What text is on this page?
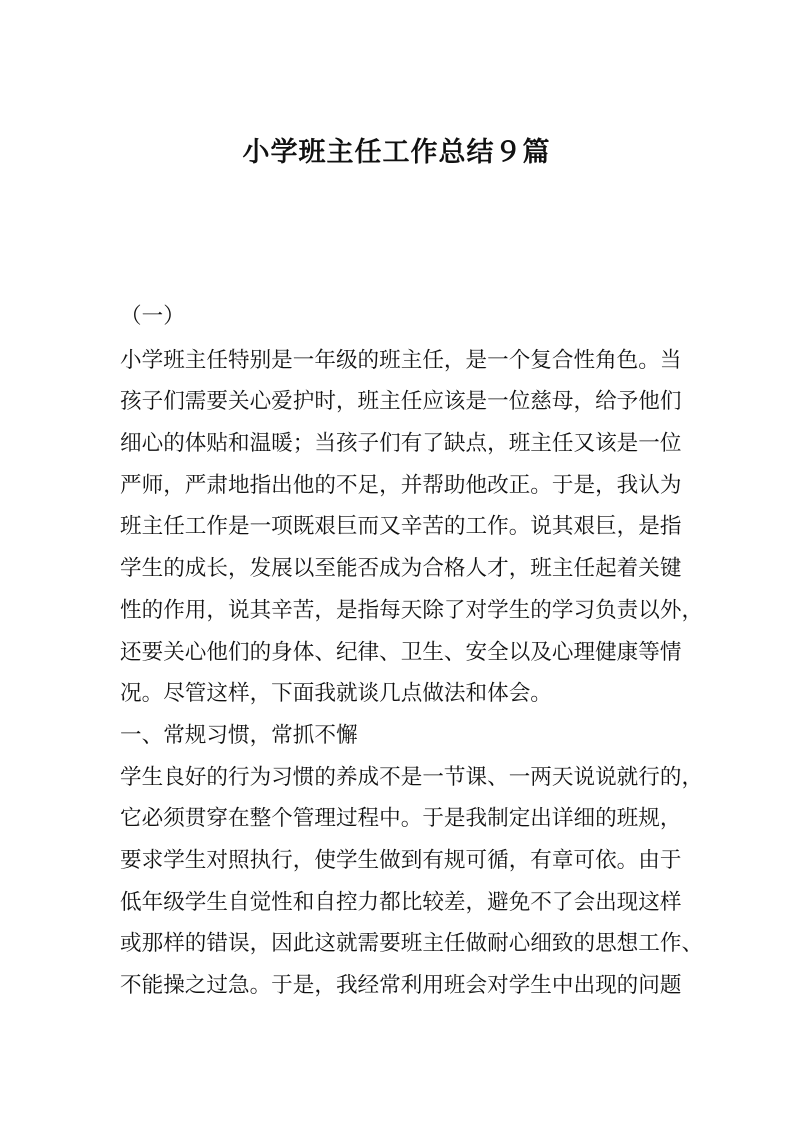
小学班主任工作总结９篇
（一）
小学班主任特别是一年级的班主任，是一个复合性角色。当
孩子们需要关心爱护时，班主任应该是一位慈母，给予他们
细心的体贴和温暖；当孩子们有了缺点，班主任又该是一位
严师，严肃地指出他的不足，并帮助他改正。于是，我认为
班主任工作是一项既艰巨而又辛苦的工作。说其艰巨，是指
学生的成长，发展以至能否成为合格人才，班主任起着关键
性的作用，说其辛苦，是指每天除了对学生的学习负责以外，
还要关心他们的身体、纪律、卫生、安全以及心理健康等情
况。尽管这样，下面我就谈几点做法和体会。
一、常规习惯，常抓不懈
学生良好的行为习惯的养成不是一节课、一两天说说就行的，
它必须贯穿在整个管理过程中。于是我制定出详细的班规，
要求学生对照执行，使学生做到有规可循，有章可依。由于
低年级学生自觉性和自控力都比较差，避免不了会出现这样
或那样的错误，因此这就需要班主任做耐心细致的思想工作、
不能操之过急。于是，我经常利用班会对学生中出现的问题
